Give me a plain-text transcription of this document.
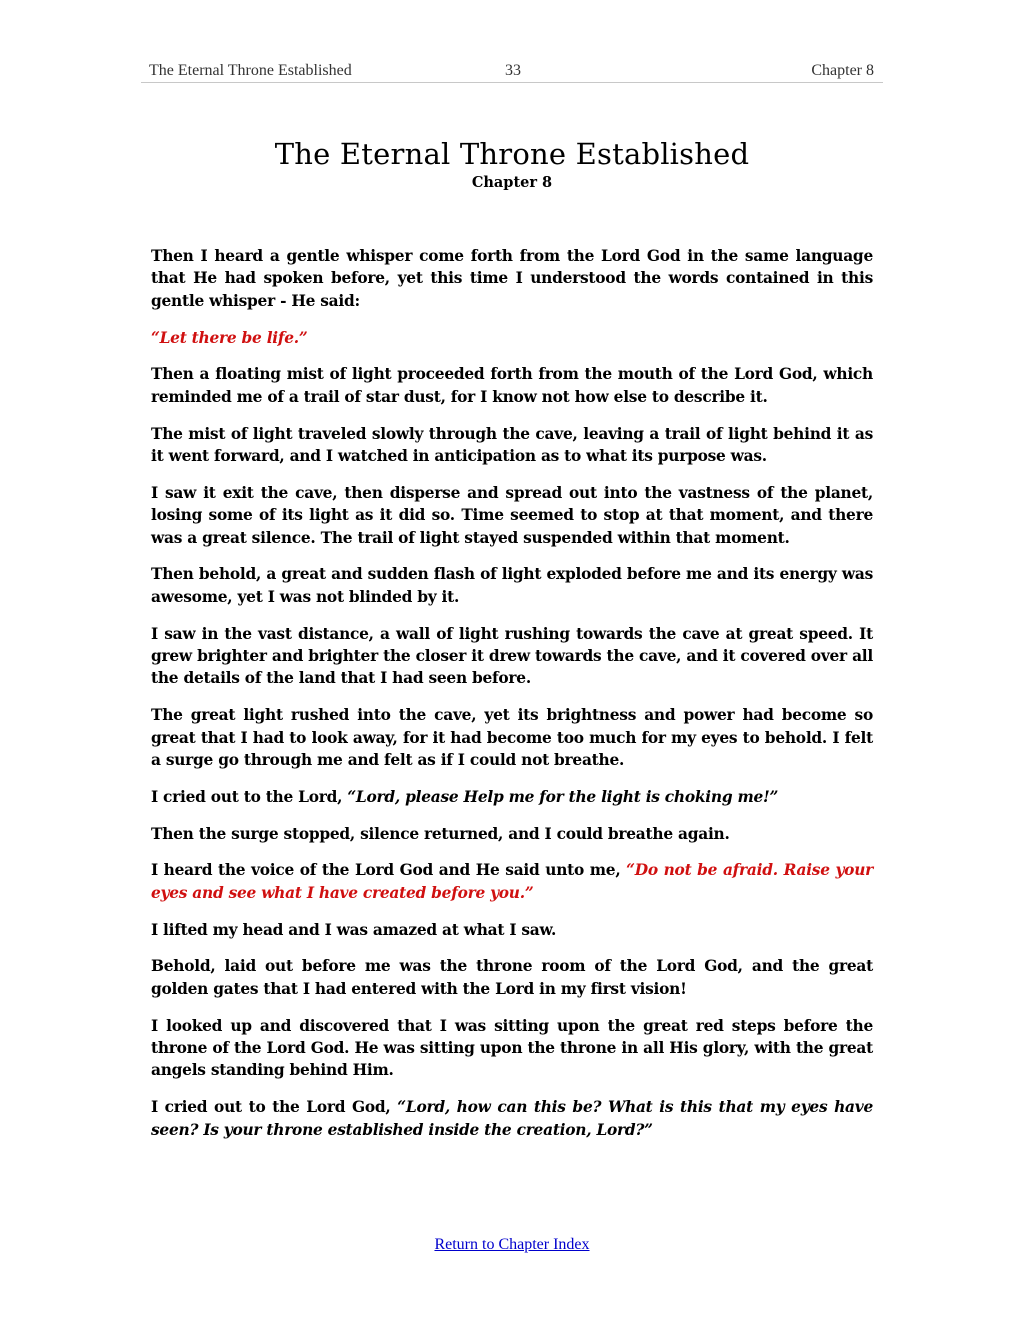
The Eternal Throne Established	33	Chapter 8
The Eternal Throne Established
Chapter 8

Then I heard a gentle whisper come forth from the Lord God in the same language that He had spoken before, yet this time I understood the words contained in this gentle whisper - He said:

“Let there be life.”

Then a floating mist of light proceeded forth from the mouth of the Lord God, which reminded me of a trail of star dust, for I know not how else to describe it.

The mist of light traveled slowly through the cave, leaving a trail of light behind it as it went forward, and I watched in anticipation as to what its purpose was.

I saw it exit the cave, then disperse and spread out into the vastness of the planet, losing some of its light as it did so. Time seemed to stop at that moment, and there was a great silence. The trail of light stayed suspended within that moment.

Then behold, a great and sudden flash of light exploded before me and its energy was awesome, yet I was not blinded by it.

I saw in the vast distance, a wall of light rushing towards the cave at great speed. It grew brighter and brighter the closer it drew towards the cave, and it covered over all the details of the land that I had seen before.

The great light rushed into the cave, yet its brightness and power had become so great that I had to look away, for it had become too much for my eyes to behold. I felt a surge go through me and felt as if I could not breathe.

I cried out to the Lord, “Lord, please Help me for the light is choking me!”

Then the surge stopped, silence returned, and I could breathe again.

I heard the voice of the Lord God and He said unto me, “Do not be afraid. Raise your eyes and see what I have created before you.”

I lifted my head and I was amazed at what I saw.

Behold, laid out before me was the throne room of the Lord God, and the great golden gates that I had entered with the Lord in my first vision!

I looked up and discovered that I was sitting upon the great red steps before the throne of the Lord God. He was sitting upon the throne in all His glory, with the great angels standing behind Him.

I cried out to the Lord God, “Lord, how can this be? What is this that my eyes have seen? Is your throne established inside the creation, Lord?”

Return to Chapter Index
